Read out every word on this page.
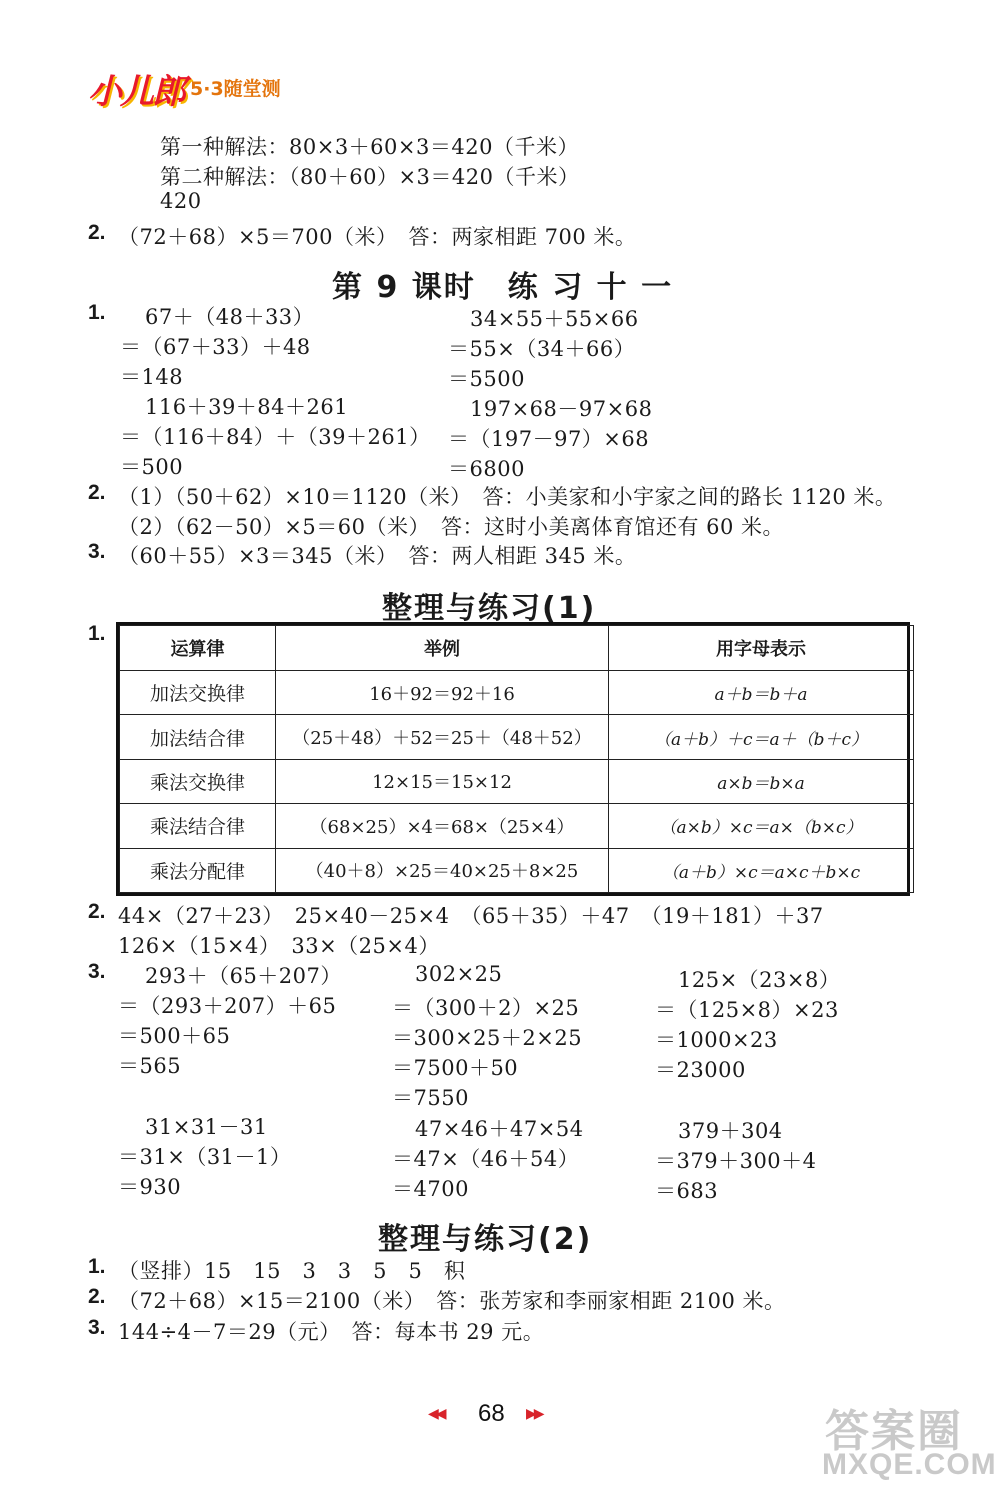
小儿郎 5·3随堂测
第一种解法：80×3＋60×3＝420（千米）
第二种解法：（80＋60）×3＝420（千米）
420
2. （72＋68）×5＝700（米）　答：两家相距 700 米。
第 9 课时　练 习 十 一
1. 67＋（48＋33）
＝（67＋33）＋48
＝148
116＋39＋84＋261
＝（116＋84）＋（39＋261）
＝500
34×55＋55×66
＝55×（34＋66）
＝5500
197×68－97×68
＝（197－97）×68
＝6800
2. （1）（50＋62）×10＝1120（米）　答：小美家和小宇家之间的路长 1120 米。
（2）（62－50）×5＝60（米）　答：这时小美离体育馆还有 60 米。
3. （60＋55）×3＝345（米）　答：两人相距 345 米。
整理与练习(1)
1.
运算律	举例	用字母表示
加法交换律	16＋92＝92＋16	a＋b＝b＋a
加法结合律	（25＋48）＋52＝25＋（48＋52）	（a＋b）＋c＝a＋（b＋c）
乘法交换律	12×15＝15×12	a×b＝b×a
乘法结合律	（68×25）×4＝68×（25×4）	（a×b）×c＝a×（b×c）
乘法分配律	（40＋8）×25＝40×25＋8×25	（a＋b）×c＝a×c＋b×c
2. 44×（27＋23）　25×40－25×4　（65＋35）＋47　（19＋181）＋37
126×（15×4）　33×（25×4）
3. 293＋（65＋207）
＝（293＋207）＋65
＝500＋65
＝565
302×25
＝（300＋2）×25
＝300×25＋2×25
＝7500＋50
＝7550
125×（23×8）
＝（125×8）×23
＝1000×23
＝23000
31×31－31
＝31×（31－1）
＝930
47×46＋47×54
＝47×（46＋54）
＝4700
379＋304
＝379＋300＋4
＝683
整理与练习(2)
1. （竖排）15　15　3　3　5　5　积
2. （72＋68）×15＝2100（米）　答：张芳家和李丽家相距 2100 米。
3. 144÷4－7＝29（元）　答：每本书 29 元。
◀◀ 68 ▶▶	答案圈
MXQE.COM
